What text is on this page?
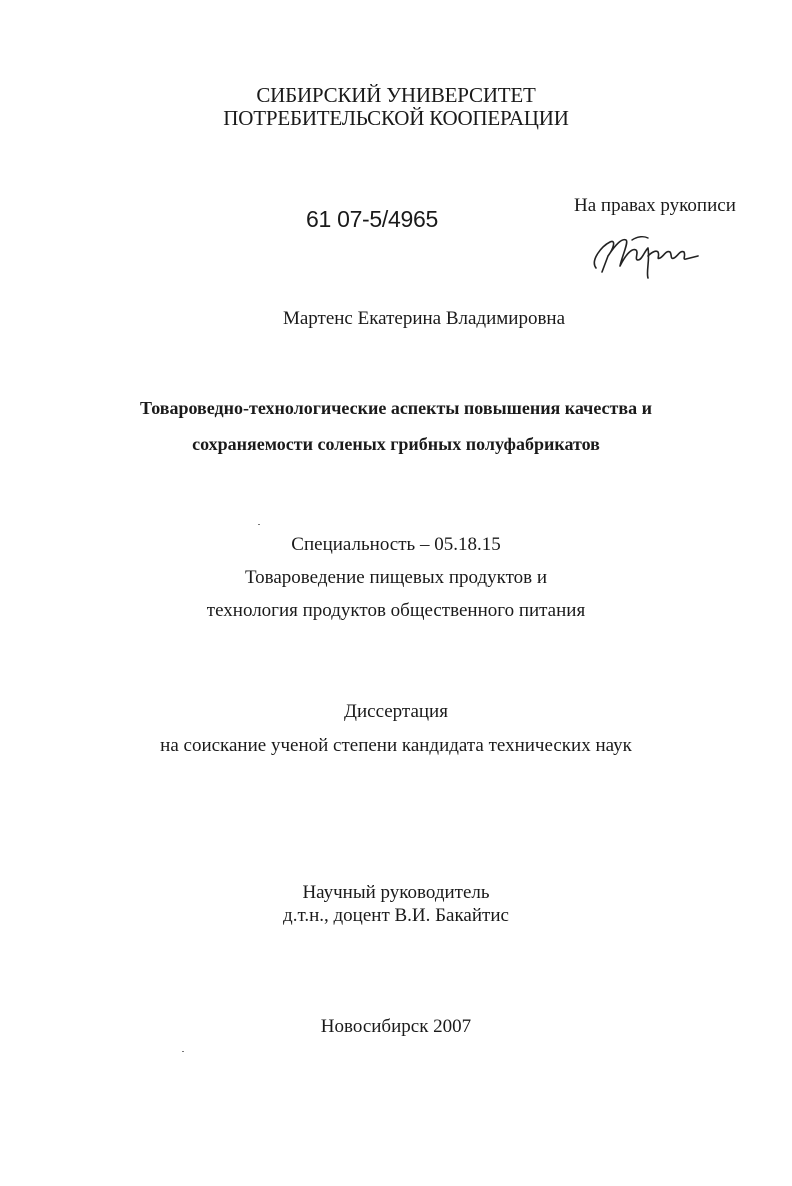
СИБИРСКИЙ УНИВЕРСИТЕТ
ПОТРЕБИТЕЛЬСКОЙ КООПЕРАЦИИ
61 07-5/4965
На правах рукописи
Мартенс Екатерина Владимировна
Товароведно-технологические аспекты повышения качества и
сохраняемости соленых грибных полуфабрикатов
Специальность – 05.18.15
Товароведение пищевых продуктов и
технология продуктов общественного питания
Диссертация
на соискание ученой степени кандидата технических наук
Научный руководитель
д.т.н., доцент В.И. Бакайтис
Новосибирск 2007
